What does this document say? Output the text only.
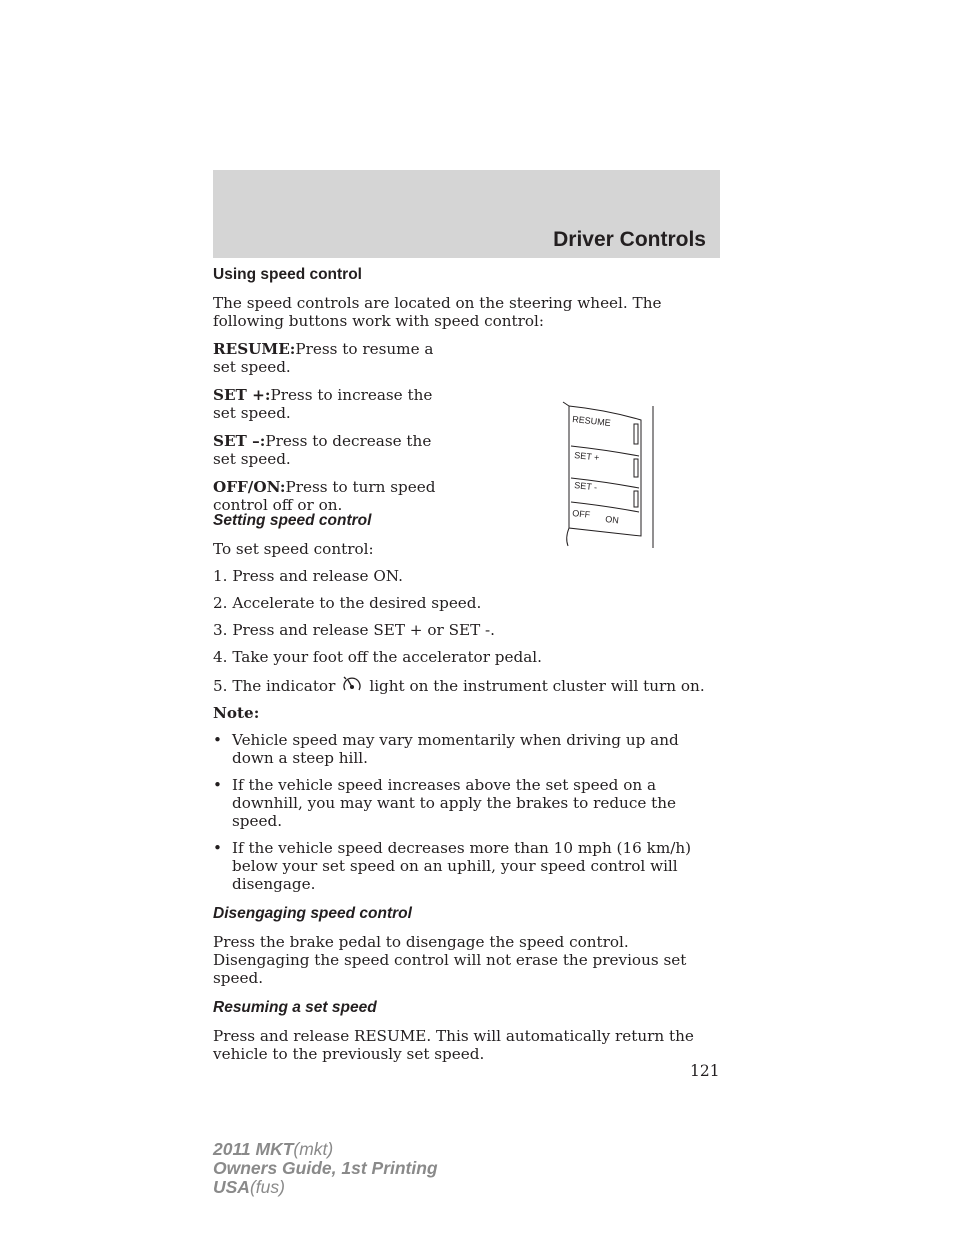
Driver Controls
Using speed control

The speed controls are located on the steering wheel. The following buttons work with speed control:

RESUME:Press to resume a set speed.

SET +:Press to increase the set speed.

SET –:Press to decrease the set speed.

OFF/ON:Press to turn speed control off or on.

RESUME
SET +
SET -
OFF ON
Setting speed control

To set speed control:

1. Press and release ON.

2. Accelerate to the desired speed.

3. Press and release SET + or SET -.

4. Take your foot off the accelerator pedal.

5. The indicator light on the instrument cluster will turn on.

Note:

• Vehicle speed may vary momentarily when driving up and down a steep hill.

• If the vehicle speed increases above the set speed on a downhill, you may want to apply the brakes to reduce the speed.

• If the vehicle speed decreases more than 10 mph (16 km/h) below your set speed on an uphill, your speed control will disengage.

Disengaging speed control

Press the brake pedal to disengage the speed control. Disengaging the speed control will not erase the previous set speed.

Resuming a set speed

Press and release RESUME. This will automatically return the vehicle to the previously set speed.

121
2011 MKT(mkt)
Owners Guide, 1st Printing
USA(fus)
